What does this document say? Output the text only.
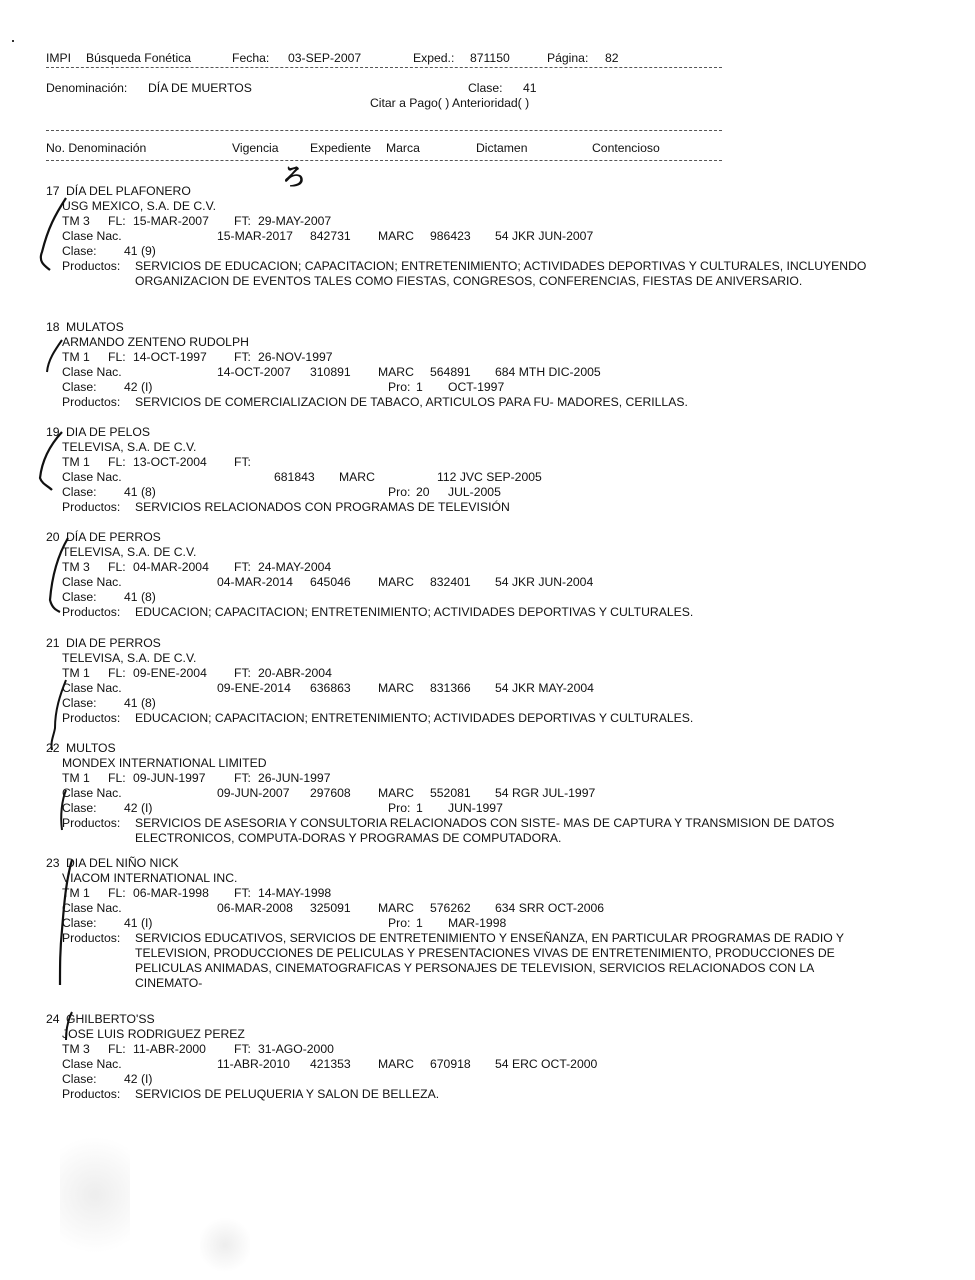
IMPI Búsqueda Fonética	Fecha: 03-SEP-2007	Exped.: 871150	Página: 82
Denominación: DÍA DE MUERTOS	Clase: 41
Citar a Pago( ) Anterioridad( )
No. Denominación	Vigencia	Expediente Marca	Dictamen	Contencioso
ろ
17 DÍA DEL PLAFONERO
USG MEXICO, S.A. DE C.V.
TM 3 FL: 15-MAR-2007 FT: 29-MAY-2007
Clase Nac.	15-MAR-2017 842731 MARC 986423 54 JKR JUN-2007
Clase: 41 (9)
Productos: SERVICIOS DE EDUCACION; CAPACITACION; ENTRETENIMIENTO; ACTIVIDADES DEPORTIVAS Y CULTURALES, INCLUYENDO ORGANIZACION DE EVENTOS TALES COMO FIESTAS, CONGRESOS, CONFERENCIAS, FIESTAS DE ANIVERSARIO.
18 MULATOS
ARMANDO ZENTENO RUDOLPH
TM 1 FL: 14-OCT-1997 FT: 26-NOV-1997
Clase Nac.	14-OCT-2007 310891 MARC 564891 684 MTH DIC-2005
Clase: 42 (I)
Productos:
Pro: 1 OCT-1997
SERVICIOS DE COMERCIALIZACION DE TABACO, ARTICULOS PARA FU- MADORES, CERILLAS.
19 DIA DE PELOS
TELEVISA, S.A. DE C.V.
TM 1 FL: 13-OCT-2004 FT:
Clase Nac.	681843 MARC	112 JVC SEP-2005
Clase: 41 (8)
Productos:
Pro: 20 JUL-2005
SERVICIOS RELACIONADOS CON PROGRAMAS DE TELEVISIÓN
20 DÍA DE PERROS
TELEVISA, S.A. DE C.V.
TM 3 FL: 04-MAR-2004 FT: 24-MAY-2004
Clase Nac.	04-MAR-2014 645046 MARC 832401 54 JKR JUN-2004
Clase: 41 (8)
Productos: EDUCACION; CAPACITACION; ENTRETENIMIENTO; ACTIVIDADES DEPORTIVAS Y CULTURALES.
21 DIA DE PERROS
TELEVISA, S.A. DE C.V.
TM 1 FL: 09-ENE-2004 FT: 20-ABR-2004
Clase Nac.	09-ENE-2014 636863 MARC 831366 54 JKR MAY-2004
Clase: 41 (8)
Productos: EDUCACION; CAPACITACION; ENTRETENIMIENTO; ACTIVIDADES DEPORTIVAS Y CULTURALES.
22 MULTOS
MONDEX INTERNATIONAL LIMITED
TM 1 FL: 09-JUN-1997 FT: 26-JUN-1997
Clase Nac.	09-JUN-2007 297608 MARC 552081 54 RGR JUL-1997
Clase: 42 (I)
Productos:
Pro: 1 JUN-1997
SERVICIOS DE ASESORIA Y CONSULTORIA RELACIONADOS CON SISTE- MAS DE CAPTURA Y TRANSMISION DE DATOS ELECTRONICOS, COMPUTA-DORAS Y PROGRAMAS DE COMPUTADORA.
23 DIA DEL NIÑO NICK
VIACOM INTERNATIONAL INC.
TM 1 FL: 06-MAR-1998 FT: 14-MAY-1998
Clase Nac.	06-MAR-2008 325091 MARC 576262 634 SRR OCT-2006
Clase: 41 (I)
Productos:
Pro: 1 MAR-1998
SERVICIOS EDUCATIVOS, SERVICIOS DE ENTRETENIMIENTO Y ENSEÑANZA, EN PARTICULAR PROGRAMAS DE RADIO Y TELEVISION, PRODUCCIONES DE PELICULAS Y PRESENTACIONES VIVAS DE ENTRETENIMIENTO, PRODUCCIONES DE PELICULAS ANIMADAS, CINEMATOGRAFICAS Y PERSONAJES DE TELEVISION, SERVICIOS RELACIONADOS CON LA CINEMATO-
24 GHILBERTO'SS
JOSE LUIS RODRIGUEZ PEREZ
TM 3 FL: 11-ABR-2000 FT: 31-AGO-2000
Clase Nac.	11-ABR-2010 421353 MARC 670918 54 ERC OCT-2000
Clase: 42 (I)
Productos: SERVICIOS DE PELUQUERIA Y SALON DE BELLEZA.
